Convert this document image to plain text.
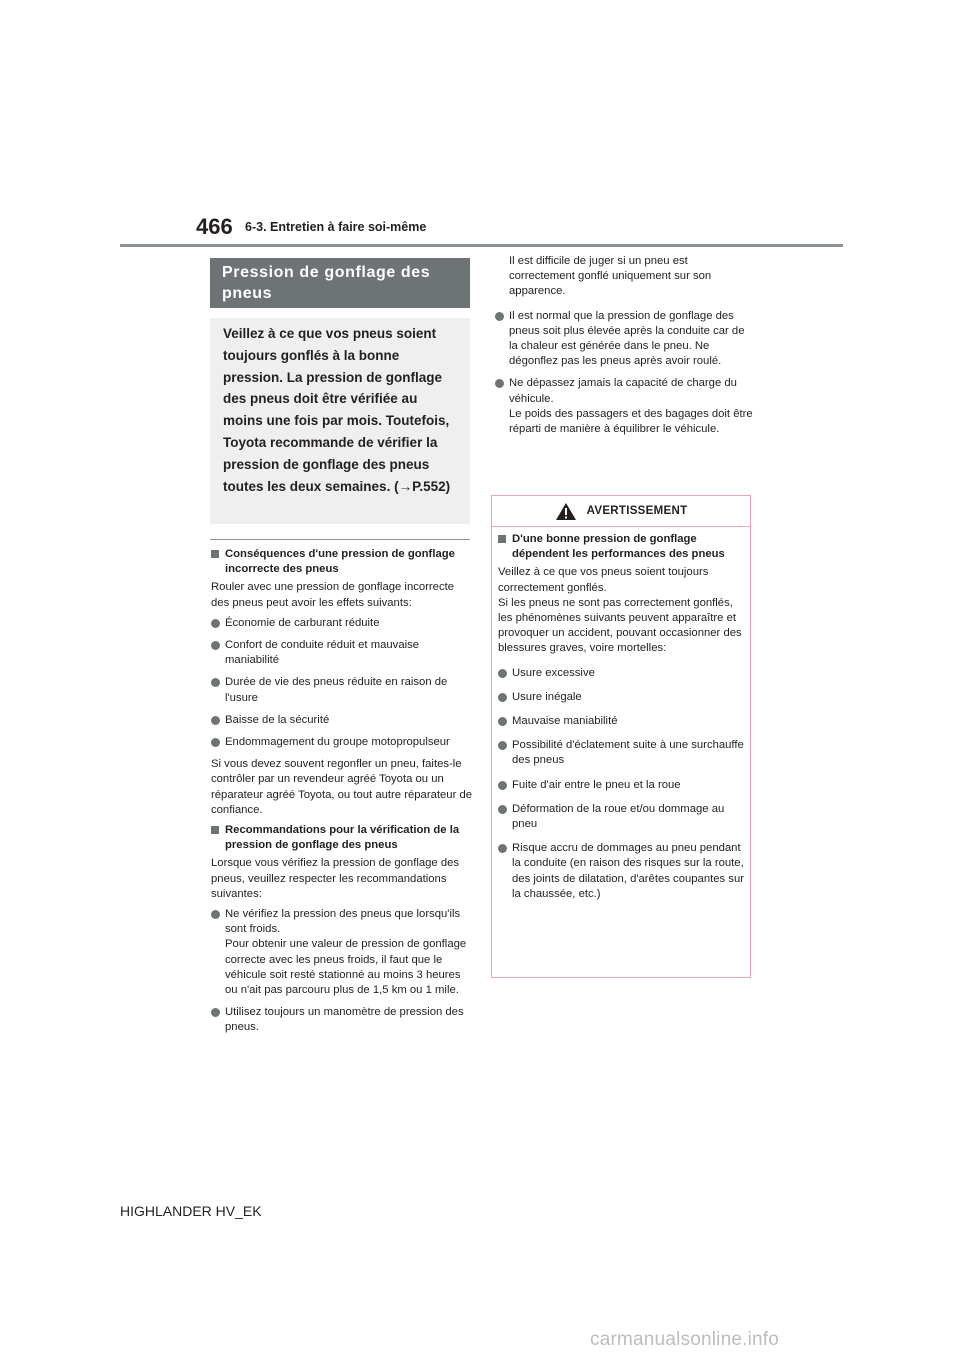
466 6-3. Entretien à faire soi-même
Pression de gonflage des pneus
Veillez à ce que vos pneus soient toujours gonflés à la bonne pression. La pression de gonflage des pneus doit être vérifiée au moins une fois par mois. Toutefois, Toyota recommande de vérifier la pression de gonflage des pneus toutes les deux semaines. (→P.552)
Conséquences d'une pression de gonflage incorrecte des pneus
Rouler avec une pression de gonflage incorrecte des pneus peut avoir les effets suivants:
Économie de carburant réduite
Confort de conduite réduit et mauvaise maniabilité
Durée de vie des pneus réduite en raison de l'usure
Baisse de la sécurité
Endommagement du groupe motopropulseur
Si vous devez souvent regonfler un pneu, faites-le contrôler par un revendeur agréé Toyota ou un réparateur agréé Toyota, ou tout autre réparateur de confiance.
Recommandations pour la vérification de la pression de gonflage des pneus
Lorsque vous vérifiez la pression de gonflage des pneus, veuillez respecter les recommandations suivantes:
Ne vérifiez la pression des pneus que lorsqu'ils sont froids.
Pour obtenir une valeur de pression de gonflage correcte avec les pneus froids, il faut que le véhicule soit resté stationné au moins 3 heures ou n'ait pas parcouru plus de 1,5 km ou 1 mile.
Utilisez toujours un manomètre de pression des pneus.
Il est difficile de juger si un pneu est correctement gonflé uniquement sur son apparence.
Il est normal que la pression de gonflage des pneus soit plus élevée après la conduite car de la chaleur est générée dans le pneu. Ne dégonflez pas les pneus après avoir roulé.
Ne dépassez jamais la capacité de charge du véhicule.
Le poids des passagers et des bagages doit être réparti de manière à équilibrer le véhicule.
AVERTISSEMENT
D'une bonne pression de gonflage dépendent les performances des pneus
Veillez à ce que vos pneus soient toujours correctement gonflés.
Si les pneus ne sont pas correctement gonflés, les phénomènes suivants peuvent apparaître et provoquer un accident, pouvant occasionner des blessures graves, voire mortelles:
Usure excessive
Usure inégale
Mauvaise maniabilité
Possibilité d'éclatement suite à une surchauffe des pneus
Fuite d'air entre le pneu et la roue
Déformation de la roue et/ou dommage au pneu
Risque accru de dommages au pneu pendant la conduite (en raison des risques sur la route, des joints de dilatation, d'arêtes coupantes sur la chaussée, etc.)
HIGHLANDER HV_EK
carmanualsonline.info
